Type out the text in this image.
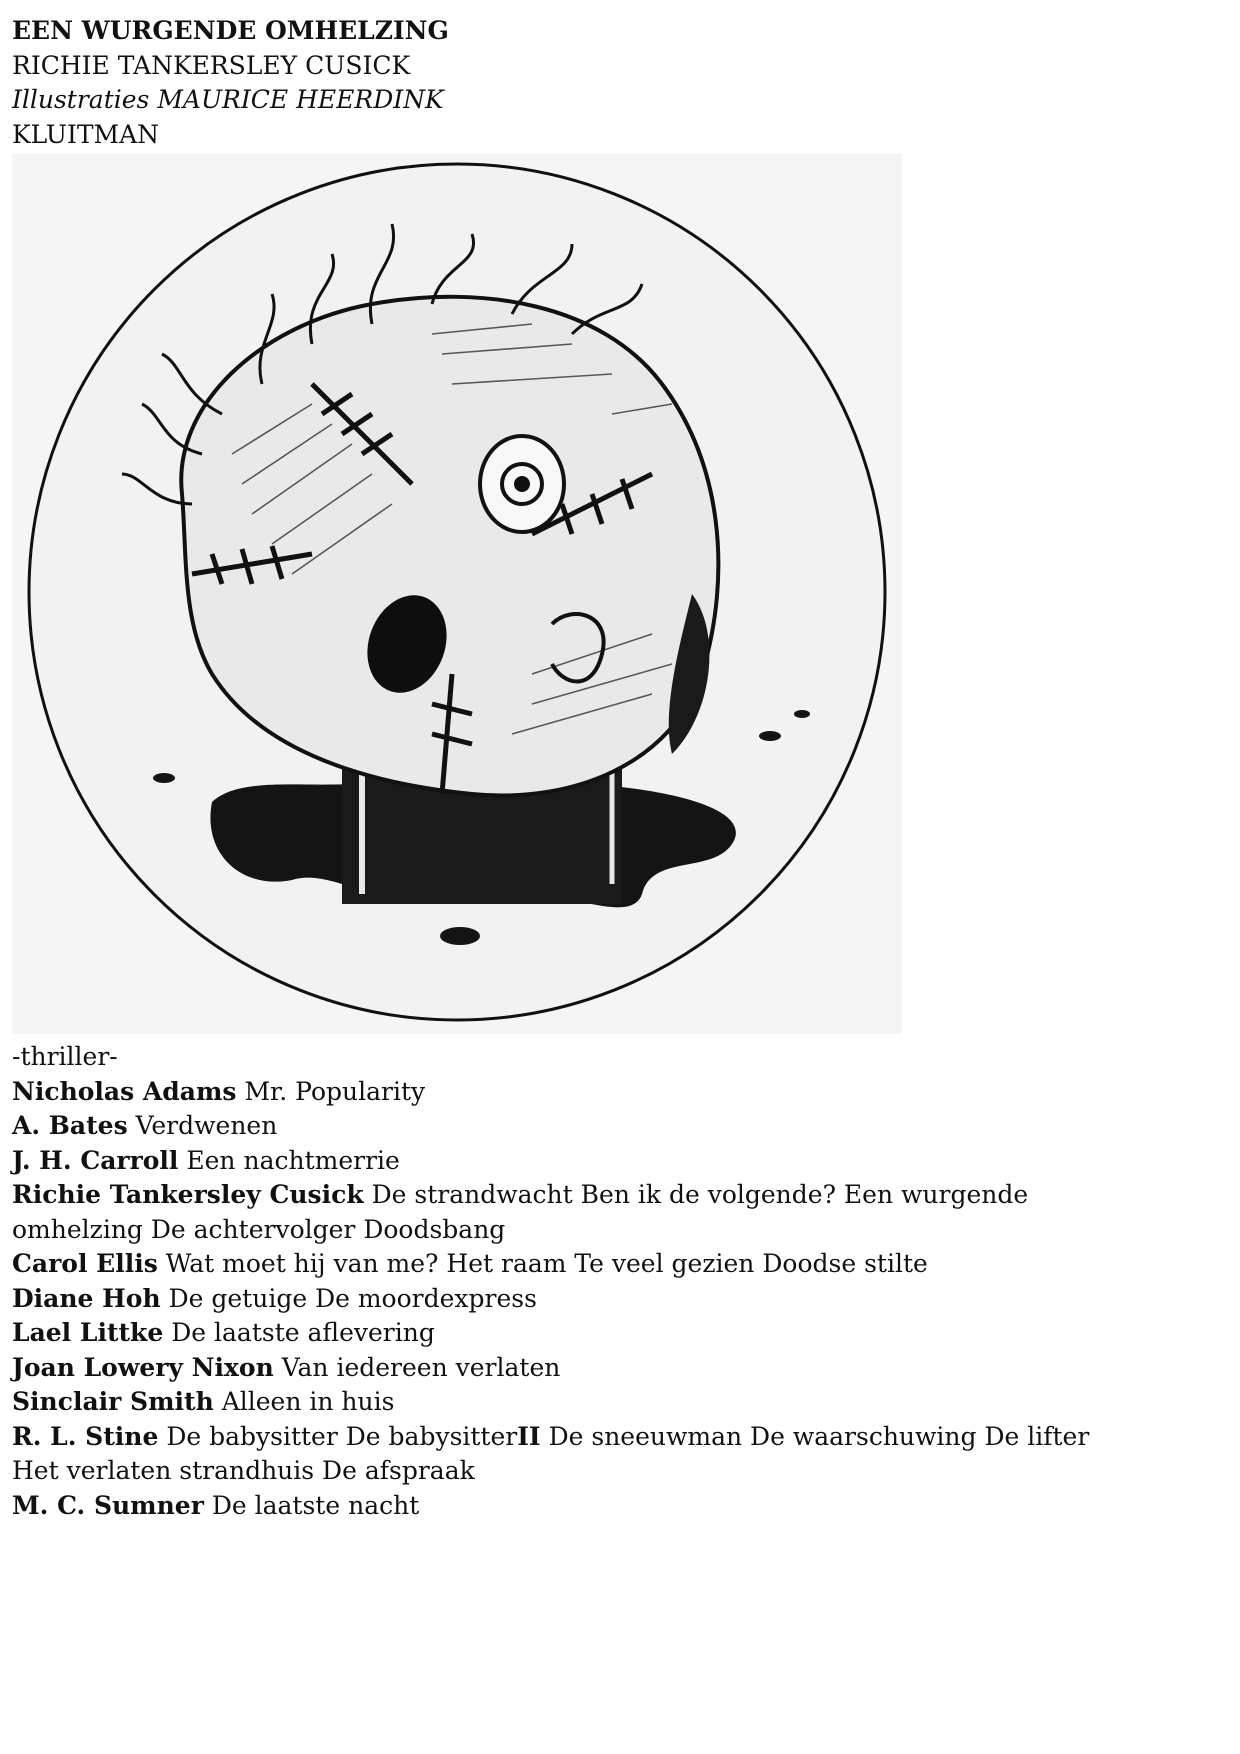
EEN WURGENDE OMHELZING
RICHIE TANKERSLEY CUSICK
Illustraties MAURICE HEERDINK
KLUITMAN
-thriller-
Nicholas Adams Mr. Popularity
A. Bates Verdwenen
J. H. Carroll Een nachtmerrie
Richie Tankersley Cusick De strandwacht Ben ik de volgende? Een wurgende omhelzing De achtervolger Doodsbang
Carol Ellis Wat moet hij van me? Het raam Te veel gezien Doodse stilte
Diane Hoh De getuige De moordexpress
Lael Littke De laatste aflevering
Joan Lowery Nixon Van iedereen verlaten
Sinclair Smith Alleen in huis
R. L. Stine De babysitter De babysitterII De sneeuwman De waarschuwing De lifter
Het verlaten strandhuis De afspraak
M. C. Sumner De laatste nacht
